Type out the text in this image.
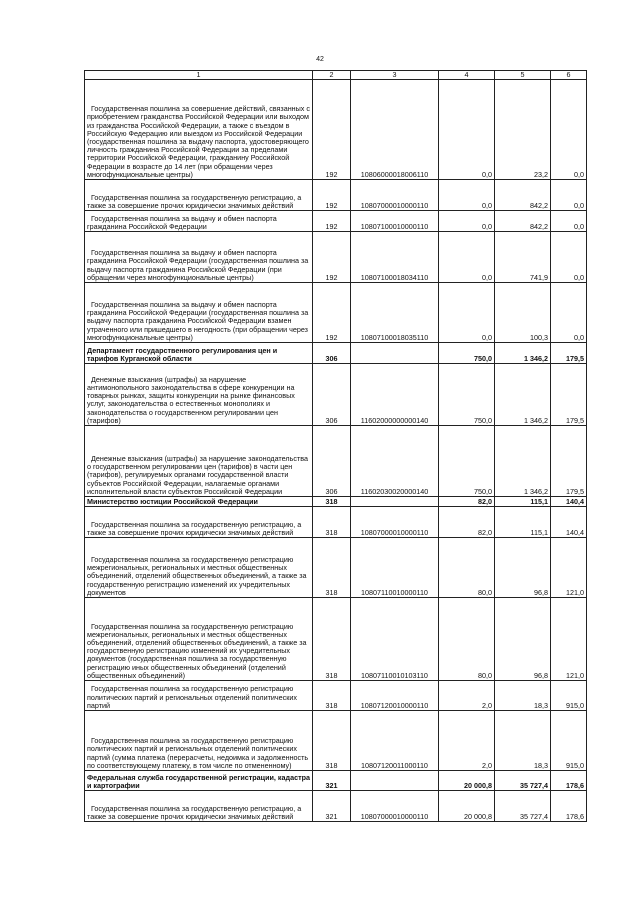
42
1	2	3	4	5	6
Государственная пошлина за совершение действий, связанных с приобретением гражданства Российской Федерации или выходом из гражданства Российской Федерации, а также с въездом в Российскую Федерацию или выездом из Российской Федерации (государственная пошлина за выдачу паспорта, удостоверяющего личность гражданина Российской Федерации за пределами территории Российской Федерации, гражданину Российской Федерации в возрасте до 14 лет (при обращении через многофункциональные центры)	192	10806000018006110	0,0	23,2	0,0
Государственная пошлина за государственную регистрацию, а также за совершение прочих юридически значимых действий	192	10807000010000110	0,0	842,2	0,0
Государственная пошлина за выдачу и обмен паспорта гражданина Российской Федерации	192	10807100010000110	0,0	842,2	0,0
Государственная пошлина за выдачу и обмен паспорта гражданина Российской Федерации (государственная пошлина за выдачу паспорта гражданина Российской Федерации (при обращении через многофункциональные центры)	192	10807100018034110	0,0	741,9	0,0
Государственная пошлина за выдачу и обмен паспорта гражданина Российской Федерации (государственная пошлина за выдачу паспорта гражданина Российской Федерации взамен утраченного или пришедшего в негодность (при обращении через многофункциональные центры)	192	10807100018035110	0,0	100,3	0,0
Департамент государственного регулирования цен и тарифов Курганской области	306		750,0	1 346,2	179,5
Денежные взыскания (штрафы) за нарушение антимонопольного законодательства в сфере конкуренции на товарных рынках, защиты конкуренции на рынке финансовых услуг, законодательства о естественных монополиях и законодательства о государственном регулировании цен (тарифов)	306	11602000000000140	750,0	1 346,2	179,5
Денежные взыскания (штрафы) за нарушение законодательства о государственном регулировании цен (тарифов) в части цен (тарифов), регулируемых органами государственной власти субъектов Российской Федерации, налагаемые органами исполнительной власти субъектов Российской Федерации	306	11602030020000140	750,0	1 346,2	179,5
Министерство юстиции Российской Федерации	318		82,0	115,1	140,4
Государственная пошлина за государственную регистрацию, а также за совершение прочих юридически значимых действий	318	10807000010000110	82,0	115,1	140,4
Государственная пошлина за государственную регистрацию межрегиональных, региональных и местных общественных объединений, отделений общественных объединений, а также за государственную регистрацию изменений их учредительных документов	318	10807110010000110	80,0	96,8	121,0
Государственная пошлина за государственную регистрацию межрегиональных, региональных и местных общественных объединений, отделений общественных объединений, а также за государственную регистрацию изменений их учредительных документов (государственная пошлина за государственную регистрацию иных общественных объединений (отделений общественных объединений)	318	10807110010103110	80,0	96,8	121,0
Государственная пошлина за государственную регистрацию политических партий и региональных отделений политических партий	318	10807120010000110	2,0	18,3	915,0
Государственная пошлина за государственную регистрацию политических партий и региональных отделений политических партий (сумма платежа (перерасчеты, недоимка и задолженность по соответствующему платежу, в том числе по отмененному)	318	10807120011000110	2,0	18,3	915,0
Федеральная служба государственной регистрации, кадастра и картографии	321		20 000,8	35 727,4	178,6
Государственная пошлина за государственную регистрацию, а также за совершение прочих юридически значимых действий	321	10807000010000110	20 000,8	35 727,4	178,6
